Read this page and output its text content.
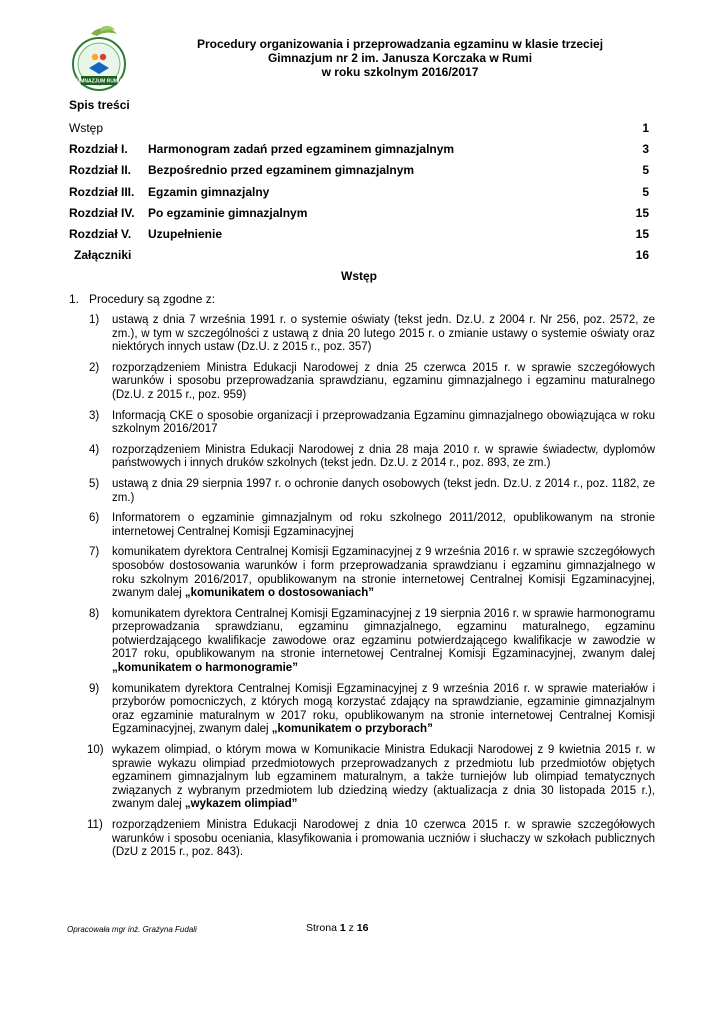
GIMNAZJUM RUMIA
Procedury organizowania i przeprowadzania egzaminu w klasie trzeciej
Gimnazjum nr 2 im. Janusza Korczaka w Rumi
w roku szkolnym 2016/2017
Spis treści
Wstęp	1
Rozdział I. Harmonogram zadań przed egzaminem gimnazjalnym	3
Rozdział II. Bezpośrednio przed egzaminem gimnazjalnym	5
Rozdział III. Egzamin gimnazjalny	5
Rozdział IV. Po egzaminie gimnazjalnym	15
Rozdział V. Uzupełnienie	15
Załączniki	16
Wstęp
1. Procedury są zgodne z:
1) ustawą z dnia 7 września 1991 r. o systemie oświaty (tekst jedn. Dz.U. z 2004 r. Nr 256, poz. 2572, ze zm.), w tym w szczególności z ustawą z dnia 20 lutego 2015 r. o zmianie ustawy o systemie oświaty oraz niektórych innych ustaw (Dz.U. z 2015 r., poz. 357)
2) rozporządzeniem Ministra Edukacji Narodowej z dnia 25 czerwca 2015 r. w sprawie szczegółowych warunków i sposobu przeprowadzania sprawdzianu, egzaminu gimnazjalnego i egzaminu maturalnego (Dz.U. z 2015 r., poz. 959)
3) Informacją CKE o sposobie organizacji i przeprowadzania Egzaminu gimnazjalnego obowiązująca w roku szkolnym 2016/2017
4) rozporządzeniem Ministra Edukacji Narodowej z dnia 28 maja 2010 r. w sprawie świadectw, dyplomów państwowych i innych druków szkolnych (tekst jedn. Dz.U. z 2014 r., poz. 893, ze zm.)
5) ustawą z dnia 29 sierpnia 1997 r. o ochronie danych osobowych (tekst jedn. Dz.U. z 2014 r., poz. 1182, ze zm.)
6) Informatorem o egzaminie gimnazjalnym od roku szkolnego 2011/2012, opublikowanym na stronie internetowej Centralnej Komisji Egzaminacyjnej
7) komunikatem dyrektora Centralnej Komisji Egzaminacyjnej z 9 września 2016 r. w sprawie szczegółowych sposobów dostosowania warunków i form przeprowadzania sprawdzianu i egzaminu gimnazjalnego w roku szkolnym 2016/2017, opublikowanym na stronie internetowej Centralnej Komisji Egzaminacyjnej, zwanym dalej „komunikatem o dostosowaniach”
8) komunikatem dyrektora Centralnej Komisji Egzaminacyjnej z 19 sierpnia 2016 r. w sprawie harmonogramu przeprowadzania sprawdzianu, egzaminu gimnazjalnego, egzaminu maturalnego, egzaminu potwierdzającego kwalifikacje zawodowe oraz egzaminu potwierdzającego kwalifikacje w zawodzie w 2017 roku, opublikowanym na stronie internetowej Centralnej Komisji Egzaminacyjnej, zwanym dalej „komunikatem o harmonogramie”
9) komunikatem dyrektora Centralnej Komisji Egzaminacyjnej z 9 września 2016 r. w sprawie materiałów i przyborów pomocniczych, z których mogą korzystać zdający na sprawdzianie, egzaminie gimnazjalnym oraz egzaminie maturalnym w 2017 roku, opublikowanym na stronie internetowej Centralnej Komisji Egzaminacyjnej, zwanym dalej „komunikatem o przyborach”
10) wykazem olimpiad, o którym mowa w Komunikacie Ministra Edukacji Narodowej z 9 kwietnia 2015 r. w sprawie wykazu olimpiad przedmiotowych przeprowadzanych z przedmiotu lub przedmiotów objętych egzaminem gimnazjalnym lub egzaminem maturalnym, a także turniejów lub olimpiad tematycznych związanych z wybranym przedmiotem lub dziedziną wiedzy (aktualizacja z dnia 30 listopada 2015 r.), zwanym dalej „wykazem olimpiad”
11) rozporządzeniem Ministra Edukacji Narodowej z dnia 10 czerwca 2015 r. w sprawie szczegółowych warunków i sposobu oceniania, klasyfikowania i promowania uczniów i słuchaczy w szkołach publicznych (DzU z 2015 r., poz. 843).
Opracowała mgr inż. Grażyna Fudali	Strona 1 z 16
